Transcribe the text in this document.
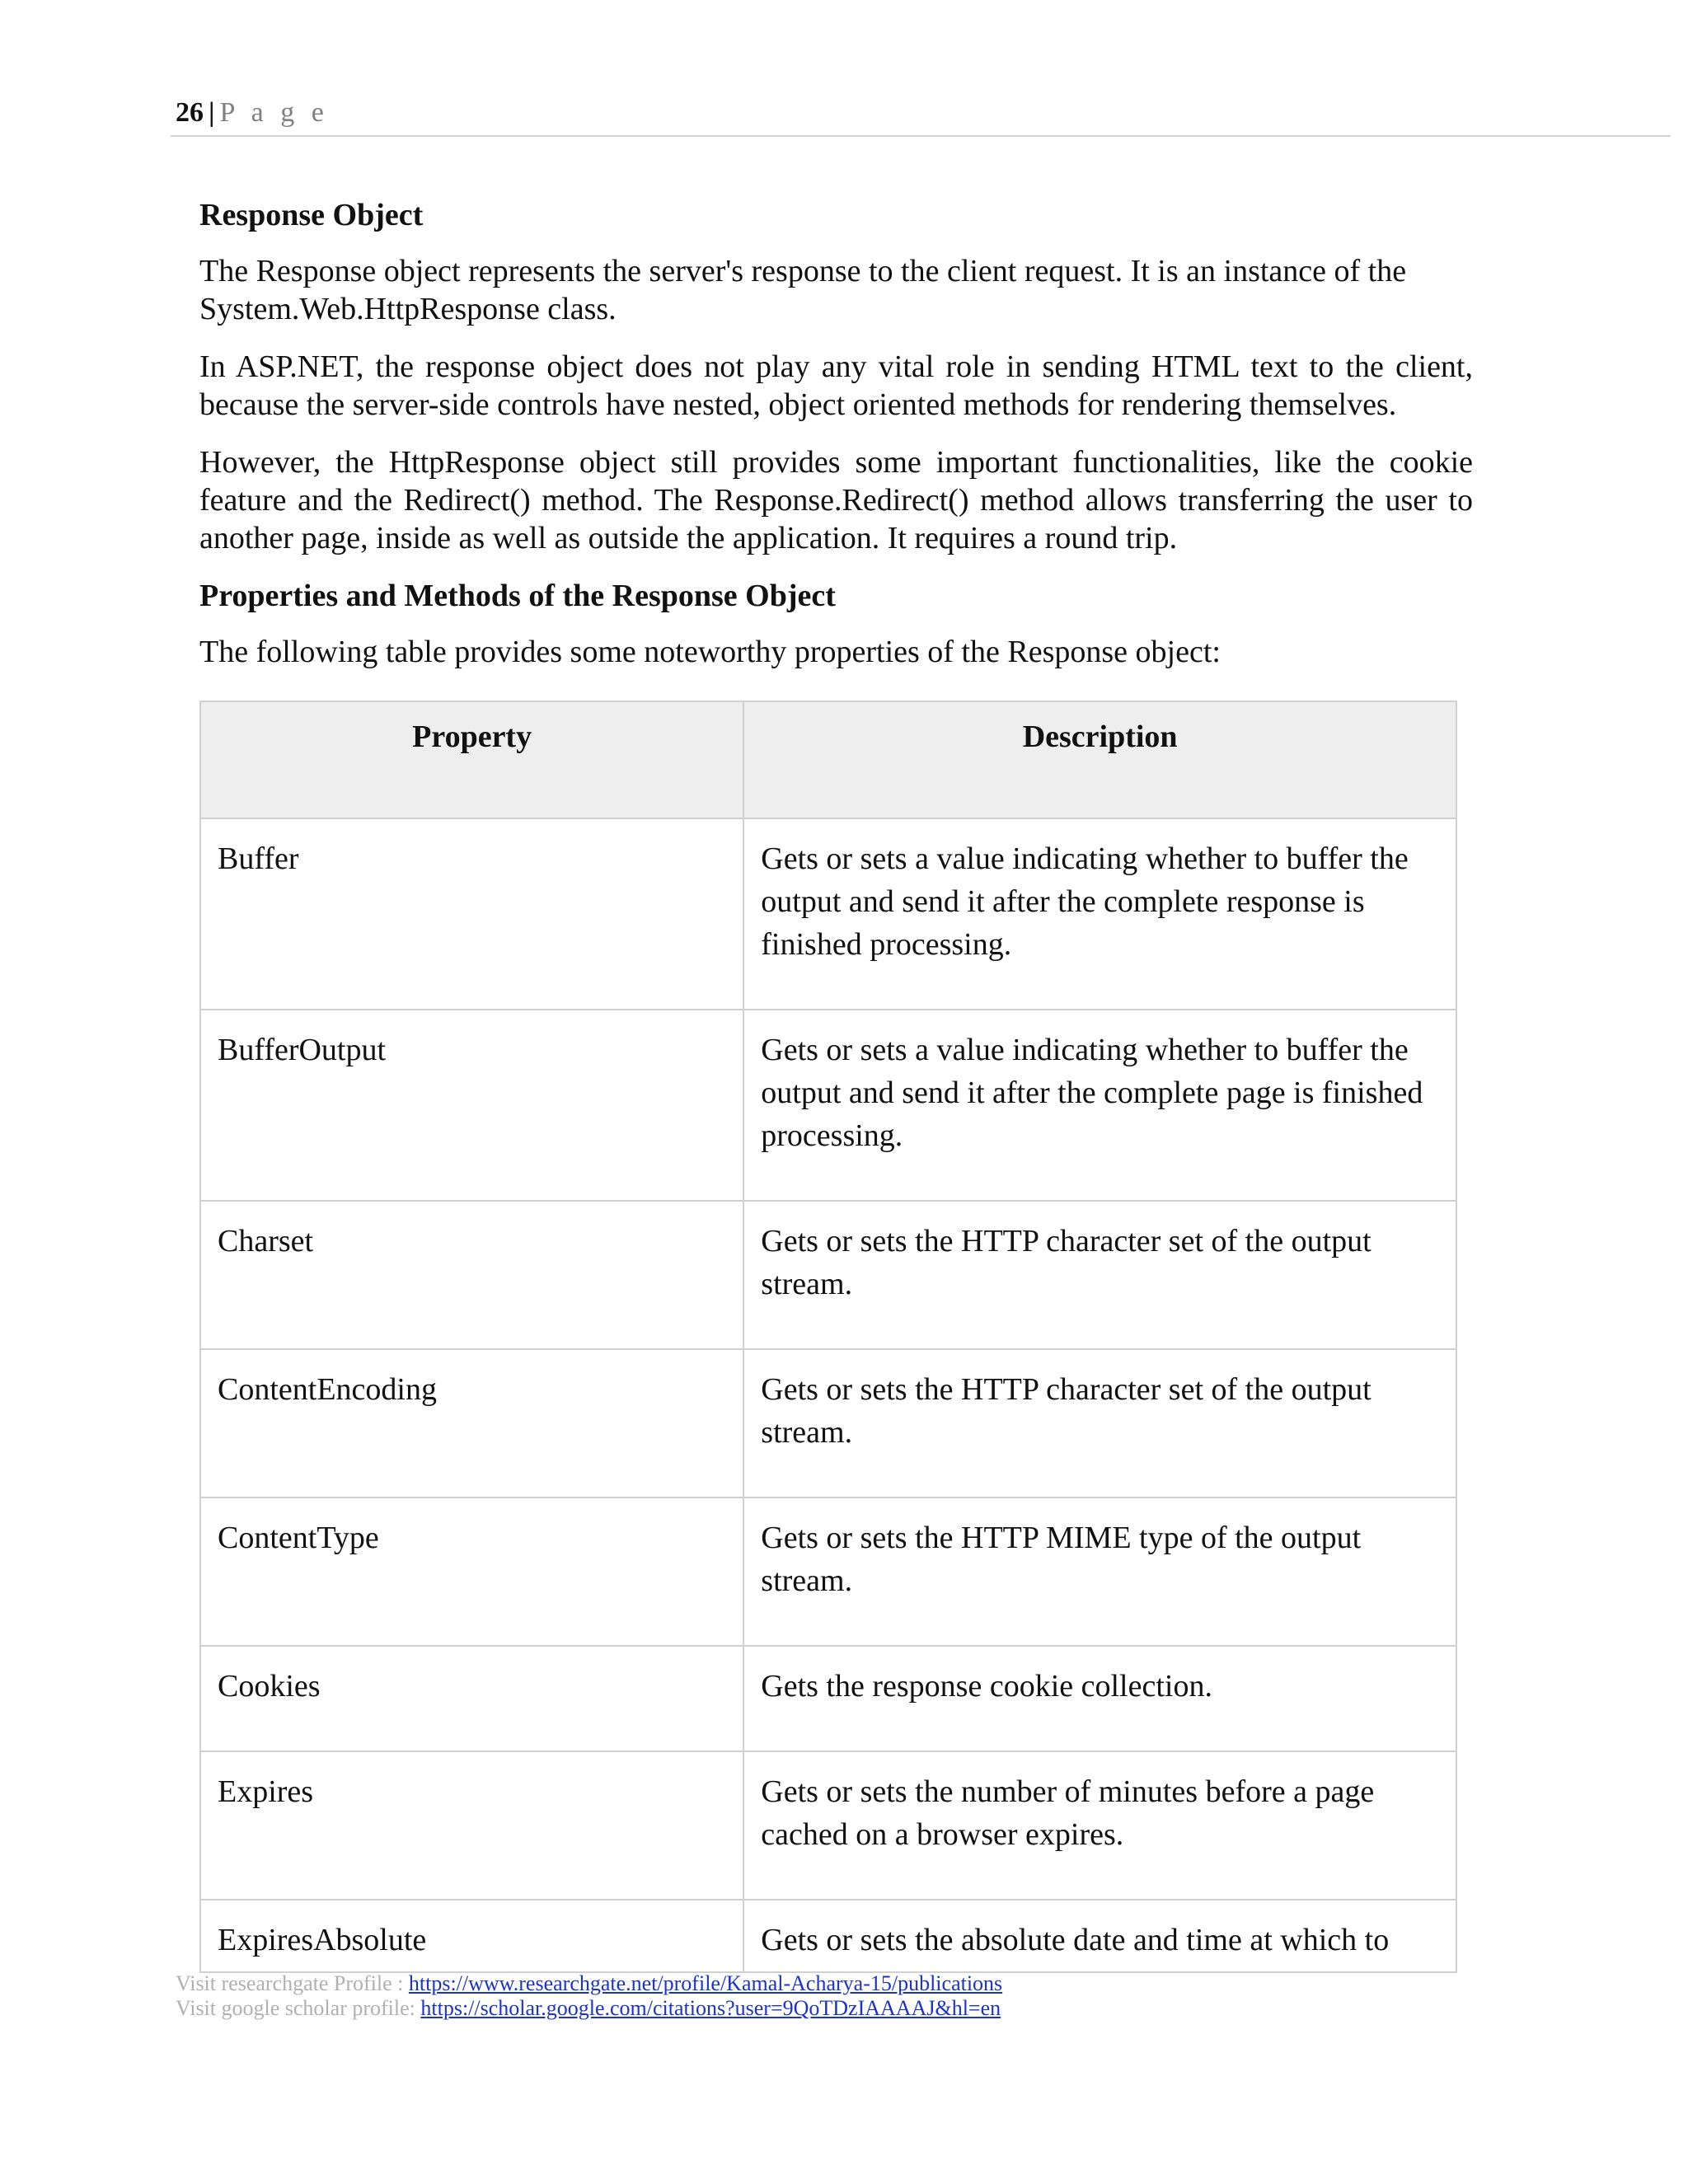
26 | P a g e
Response Object

The Response object represents the server's response to the client request. It is an instance of the System.Web.HttpResponse class.

In ASP.NET, the response object does not play any vital role in sending HTML text to the client, because the server-side controls have nested, object oriented methods for rendering themselves.

However, the HttpResponse object still provides some important functionalities, like the cookie feature and the Redirect() method. The Response.Redirect() method allows transferring the user to another page, inside as well as outside the application. It requires a round trip.

Properties and Methods of the Response Object

The following table provides some noteworthy properties of the Response object:

Property	Description
Buffer	Gets or sets a value indicating whether to buffer the output and send it after the complete response is finished processing.
BufferOutput	Gets or sets a value indicating whether to buffer the output and send it after the complete page is finished processing.
Charset	Gets or sets the HTTP character set of the output stream.
ContentEncoding	Gets or sets the HTTP character set of the output stream.
ContentType	Gets or sets the HTTP MIME type of the output stream.
Cookies	Gets the response cookie collection.
Expires	Gets or sets the number of minutes before a page cached on a browser expires.
ExpiresAbsolute	Gets or sets the absolute date and time at which to
Visit researchgate Profile : https://www.researchgate.net/profile/Kamal-Acharya-15/publications
Visit google scholar profile: https://scholar.google.com/citations?user=9QoTDzIAAAAJ&hl=en
